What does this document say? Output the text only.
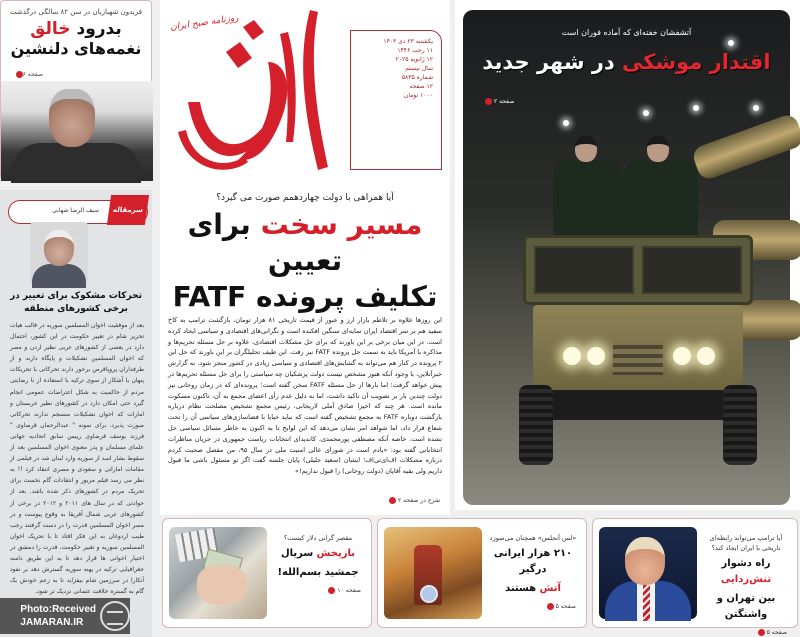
فریدون شهبازیان در سن ۸۲ سالگی درگذشت
بدرود خالق
نغمه‌های دلنشین
صفحه ۶
سرمقاله
سیف الرضا شهابی
تحرکات مشکوک برای تغییر در برخی کشورهای منطقه
بعد از موفقیت اخوان المسلمین سوریه در قالب هیات تحریر شام در تغییر حکومت در این کشور، احتمال دارد در بعضی از کشورهای عربی نظیر اردن و مصر که اخوان المسلمین تشکیلات و پایگاه دارند و از طرفداران پروپاقرص برخور دارند تحرکاتی با تحریکات پنهان یا آشکار از سوی ترکیه با استفاده از نا رضایتی مردم از حاکمیت به شکل اعتراضات عمومی انجام گیرد حتی امکان دارد در کشورهای نظیر عربستان و امارات که اخوان تشکیلات منسجم ندارند تحرکاتی صورت پذیرد. برای نمونه " عبدالرحمان قرضاوی " فرزند یوسف قرضاوی رییس سابق اتحادیه جهانی علمای مسلمان و پدر معنوی اخوان المسلمین بعد از سقوط بشار اسد از سوریه وارد لبنان شد در فیلمی از مقامات اماراتی و سعودی و مصری انتقاد کرد !! به نظر می رسد فیلم مزبور و انتقادات گام نخست برای تحریک مردم در کشورهای ذکر شده باشد. بعد از حوادثی که در سال های ۲۰۱۱ و ۲۰۱۲ در برخی از کشورهای عربی شمال آفریقا به وقوع پیوست و در مصر اخوان المسلمین قدرت را در دست گرفتند رجب طیب اردوغان به این فکر افتاد تا با تحریک اخوان المسلمین سوریه و تغییر حکومت، قدرت را دمشق در اختیار اخوانی ها قرار دهد تا به این طریق دامنه جغرافیایی ترکیه در پهنه سوریه گسترش دهد بر نفوذ آنکارا در سرزمین شام بیفزاید تا به زعم خودش یک گام به گستره خلافت عثمانی نزدیک تر شود.
روزنامه صبح ایران
یکشنبه ۲۳ دی ۱۴۰۳
۱۱ رجب ۱۴۴۶
۱۲ ژانویه ۲۰۲۵
سال بیستم
شماره ۵۸۳۵
۱۲ صفحه
۱۰۰۰ تومان
آیا همراهی با دولت چهاردهمم صورت می گیرد؟
مسیر سخت برای تعیین
تکلیف پرونده FATF
این روزها علاوه بر تلاطم بازار ارز و عبور از قیمت تاریخی ۸۱ هزار تومان، بازگشت ترامپ به کاخ سفید هم بر سر اقتصاد ایران سایه‌ای سنگین افکنده است و نگرانی‌های اقتصادی و سیاسی ایجاد کرده است. در این میان برخی بر این باورند که برای حل مشکلات اقتصادی، علاوه بر حل مسئله تحریم‌ها و مذاکره با آمریکا باید به سمت حل پرونده FATF نیز رفت. این طیف تحلیلگران بر این باورند که حل این ۲ پرونده در کنار هم می‌تواند به گشایش‌های اقتصادی و سیاسی زیادی در کشور منجر شود. به گزارش خبرآنلاین، با وجود آنکه هنوز مشخص نیست دولت پزشکیان چه سیاستی را برای حل مسئله تحریم‌ها در پیش خواهد گرفت؛ اما بارها از حل مسئله FATF سخن گفته است؛ پرونده‌ای که در زمان روحانی نیز دولت چندین بار بر تصویب آن تاکید داشت، اما به دلیل عدم رأی اعضای مجمع به آن، تاکنون مسکوت مانده است. هر چند که اخیرا صادق آملی لاریجانی، رئیس مجمع تشخیص مصلحت نظام درباره بازگشت دوباره FATF به مجمع تشخیص گفته است که نباید خیابا با فضاسازی‌های سیاسی آن را تحت شعاع قرار داد، اما شواهد امر نشان می‌دهد که این لوایح تا به اکنون به خاطر مسائل سیاسی حل نشده است. خاصه آنکه مصطفی پورمحمدی، کاندیدای انتخابات ریاست جمهوری در جریان مناظرات انتخاباتی گفته بود: «یادم است در شورای عالی امنیت ملی در سال ۹۵، من مفصل صحبت کردم درباره مشکلات اف‌ای‌تی‌اف؛ ایشان (سعید جلیلی) پایان جلسه گفت اگر تو مسئول باشی ما قبول داریم ولی بقیه آقایان (دولت روحانی) را قبول نداریم!»
شرح در صفحه ۲
آتشفشان خفته‌ای که آماده فوران است
اقتدار موشکی در شهر جدید
صفحه ۲
مقصر گرانی دلار کیست؟
بازپخش سریال
جمشید بسم‌الله!
صفحه ۱۰
«لس آنجلس» همچنان می‌سوزد
۲۱۰ هزار ایرانی درگیر
آتش هستند
صفحه ۵
آیا ترامپ می‌تواند رابطه‌ای تاریخی با ایران ایجاد کند؟
راه دشوار تنش‌زدایی
بین تهران و واشنگتن
صفحه ۵
Photo:Received
JAMARAN.IR
